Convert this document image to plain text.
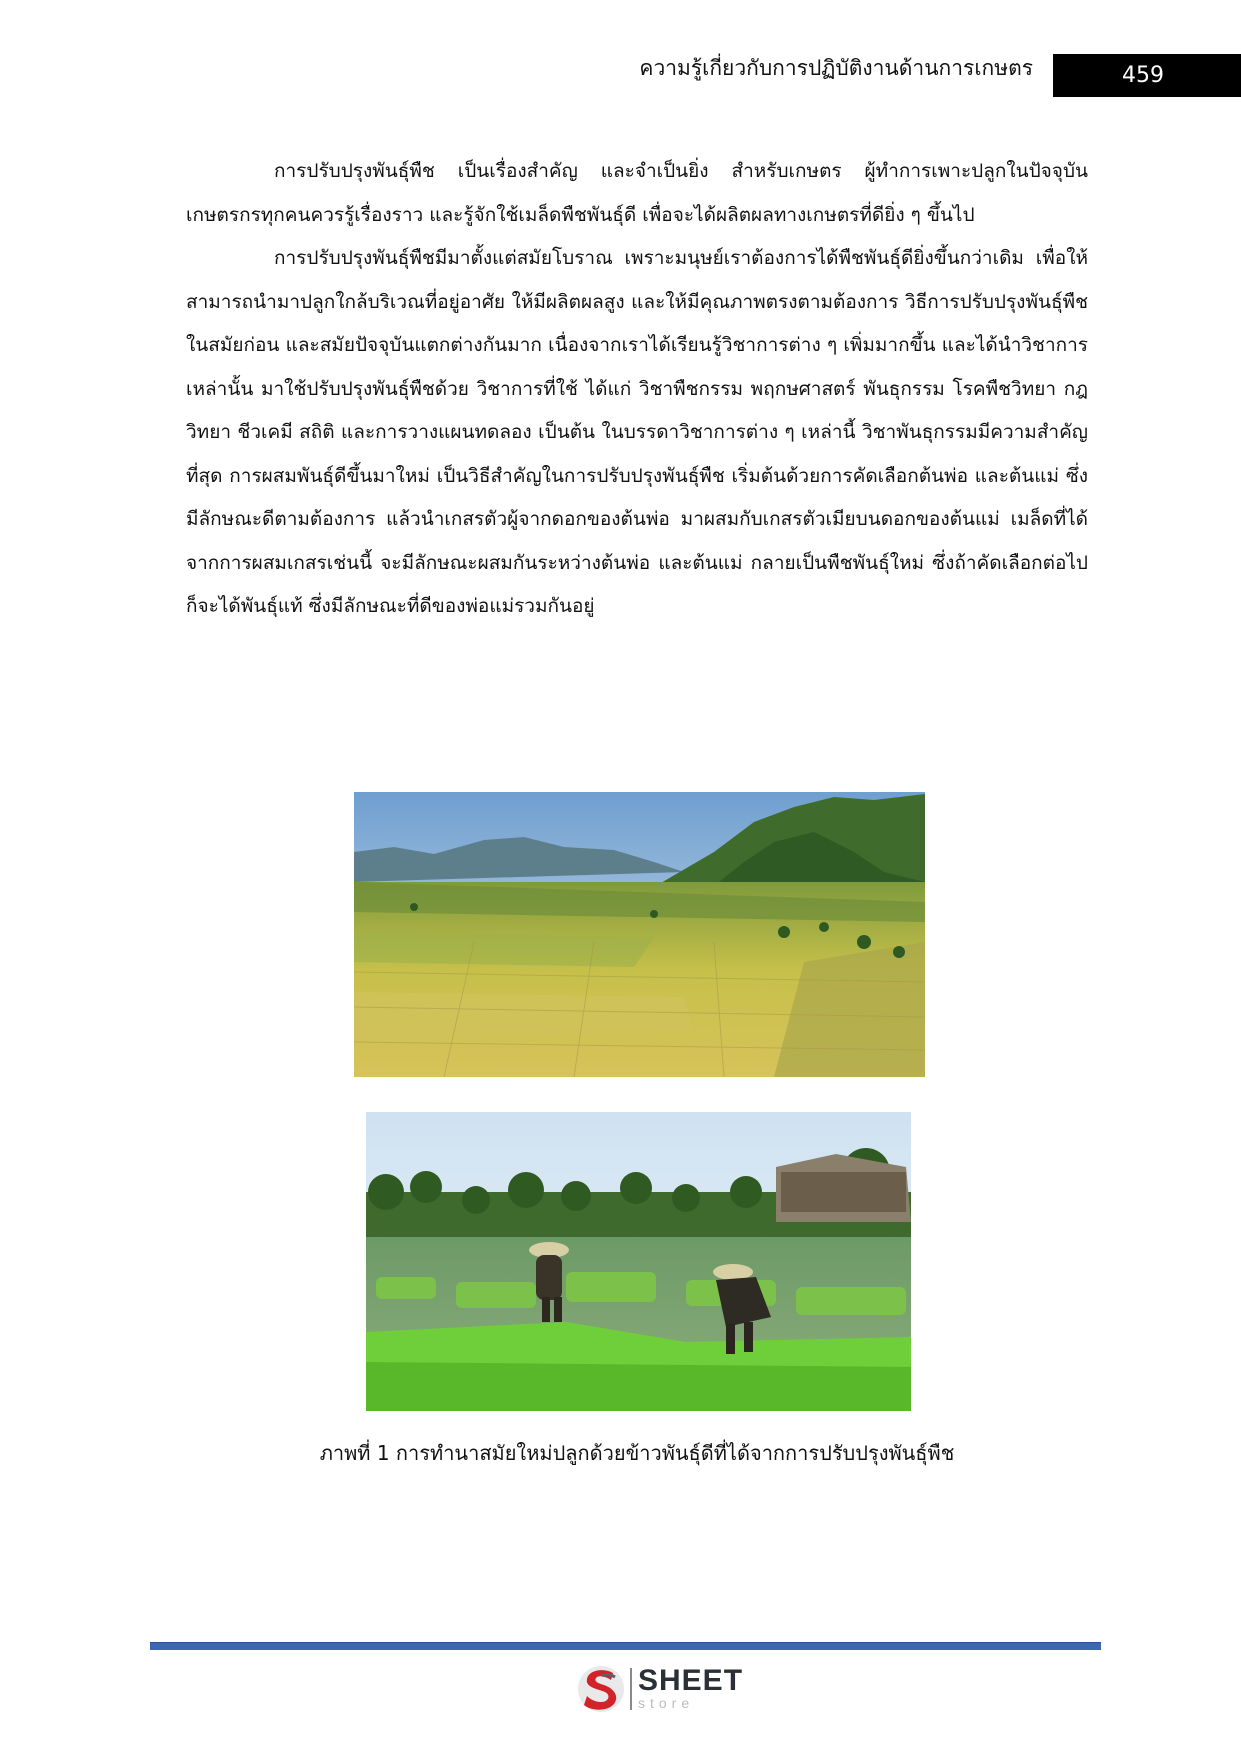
ความรู้เกี่ยวกับการปฏิบัติงานด้านการเกษตร	459

การปรับปรุงพันธุ์พืช เป็นเรื่องสำคัญ และจำเป็นยิ่ง สำหรับเกษตร ผู้ทำการเพาะปลูกในปัจจุบัน เกษตรกรทุกคนควรรู้เรื่องราว และรู้จักใช้เมล็ดพืชพันธุ์ดี เพื่อจะได้ผลิตผลทางเกษตรที่ดียิ่ง ๆ ขึ้นไป

การปรับปรุงพันธุ์พืชมีมาตั้งแต่สมัยโบราณ เพราะมนุษย์เราต้องการได้พืชพันธุ์ดียิ่งขึ้นกว่าเดิม เพื่อให้สามารถนำมาปลูกใกล้บริเวณที่อยู่อาศัย ให้มีผลิตผลสูง และให้มีคุณภาพตรงตามต้องการ วิธีการปรับปรุงพันธุ์พืชในสมัยก่อน และสมัยปัจจุบันแตกต่างกันมาก เนื่องจากเราได้เรียนรู้วิชาการต่าง ๆ เพิ่มมากขึ้น และได้นำวิชาการเหล่านั้น มาใช้ปรับปรุงพันธุ์พืชด้วย วิชาการที่ใช้ ได้แก่ วิชาพืชกรรม พฤกษศาสตร์ พันธุกรรม โรคพืชวิทยา กฎวิทยา ชีวเคมี สถิติ และการวางแผนทดลอง เป็นต้น ในบรรดาวิชาการต่าง ๆ เหล่านี้ วิชาพันธุกรรมมีความสำคัญที่สุด การผสมพันธุ์ดีขึ้นมาใหม่ เป็นวิธีสำคัญในการปรับปรุงพันธุ์พืช เริ่มต้นด้วยการคัดเลือกต้นพ่อ และต้นแม่ ซึ่งมีลักษณะดีตามต้องการ แล้วนำเกสรตัวผู้จากดอกของต้นพ่อ มาผสมกับเกสรตัวเมียบนดอกของต้นแม่ เมล็ดที่ได้จากการผสมเกสรเช่นนี้ จะมีลักษณะผสมกันระหว่างต้นพ่อ และต้นแม่ กลายเป็นพืชพันธุ์ใหม่ ซึ่งถ้าคัดเลือกต่อไป ก็จะได้พันธุ์แท้ ซึ่งมีลักษณะที่ดีของพ่อแม่รวมกันอยู่

ภาพที่ 1 การทำนาสมัยใหม่ปลูกด้วยข้าวพันธุ์ดีที่ได้จากการปรับปรุงพันธุ์พืช
SHEET
store
